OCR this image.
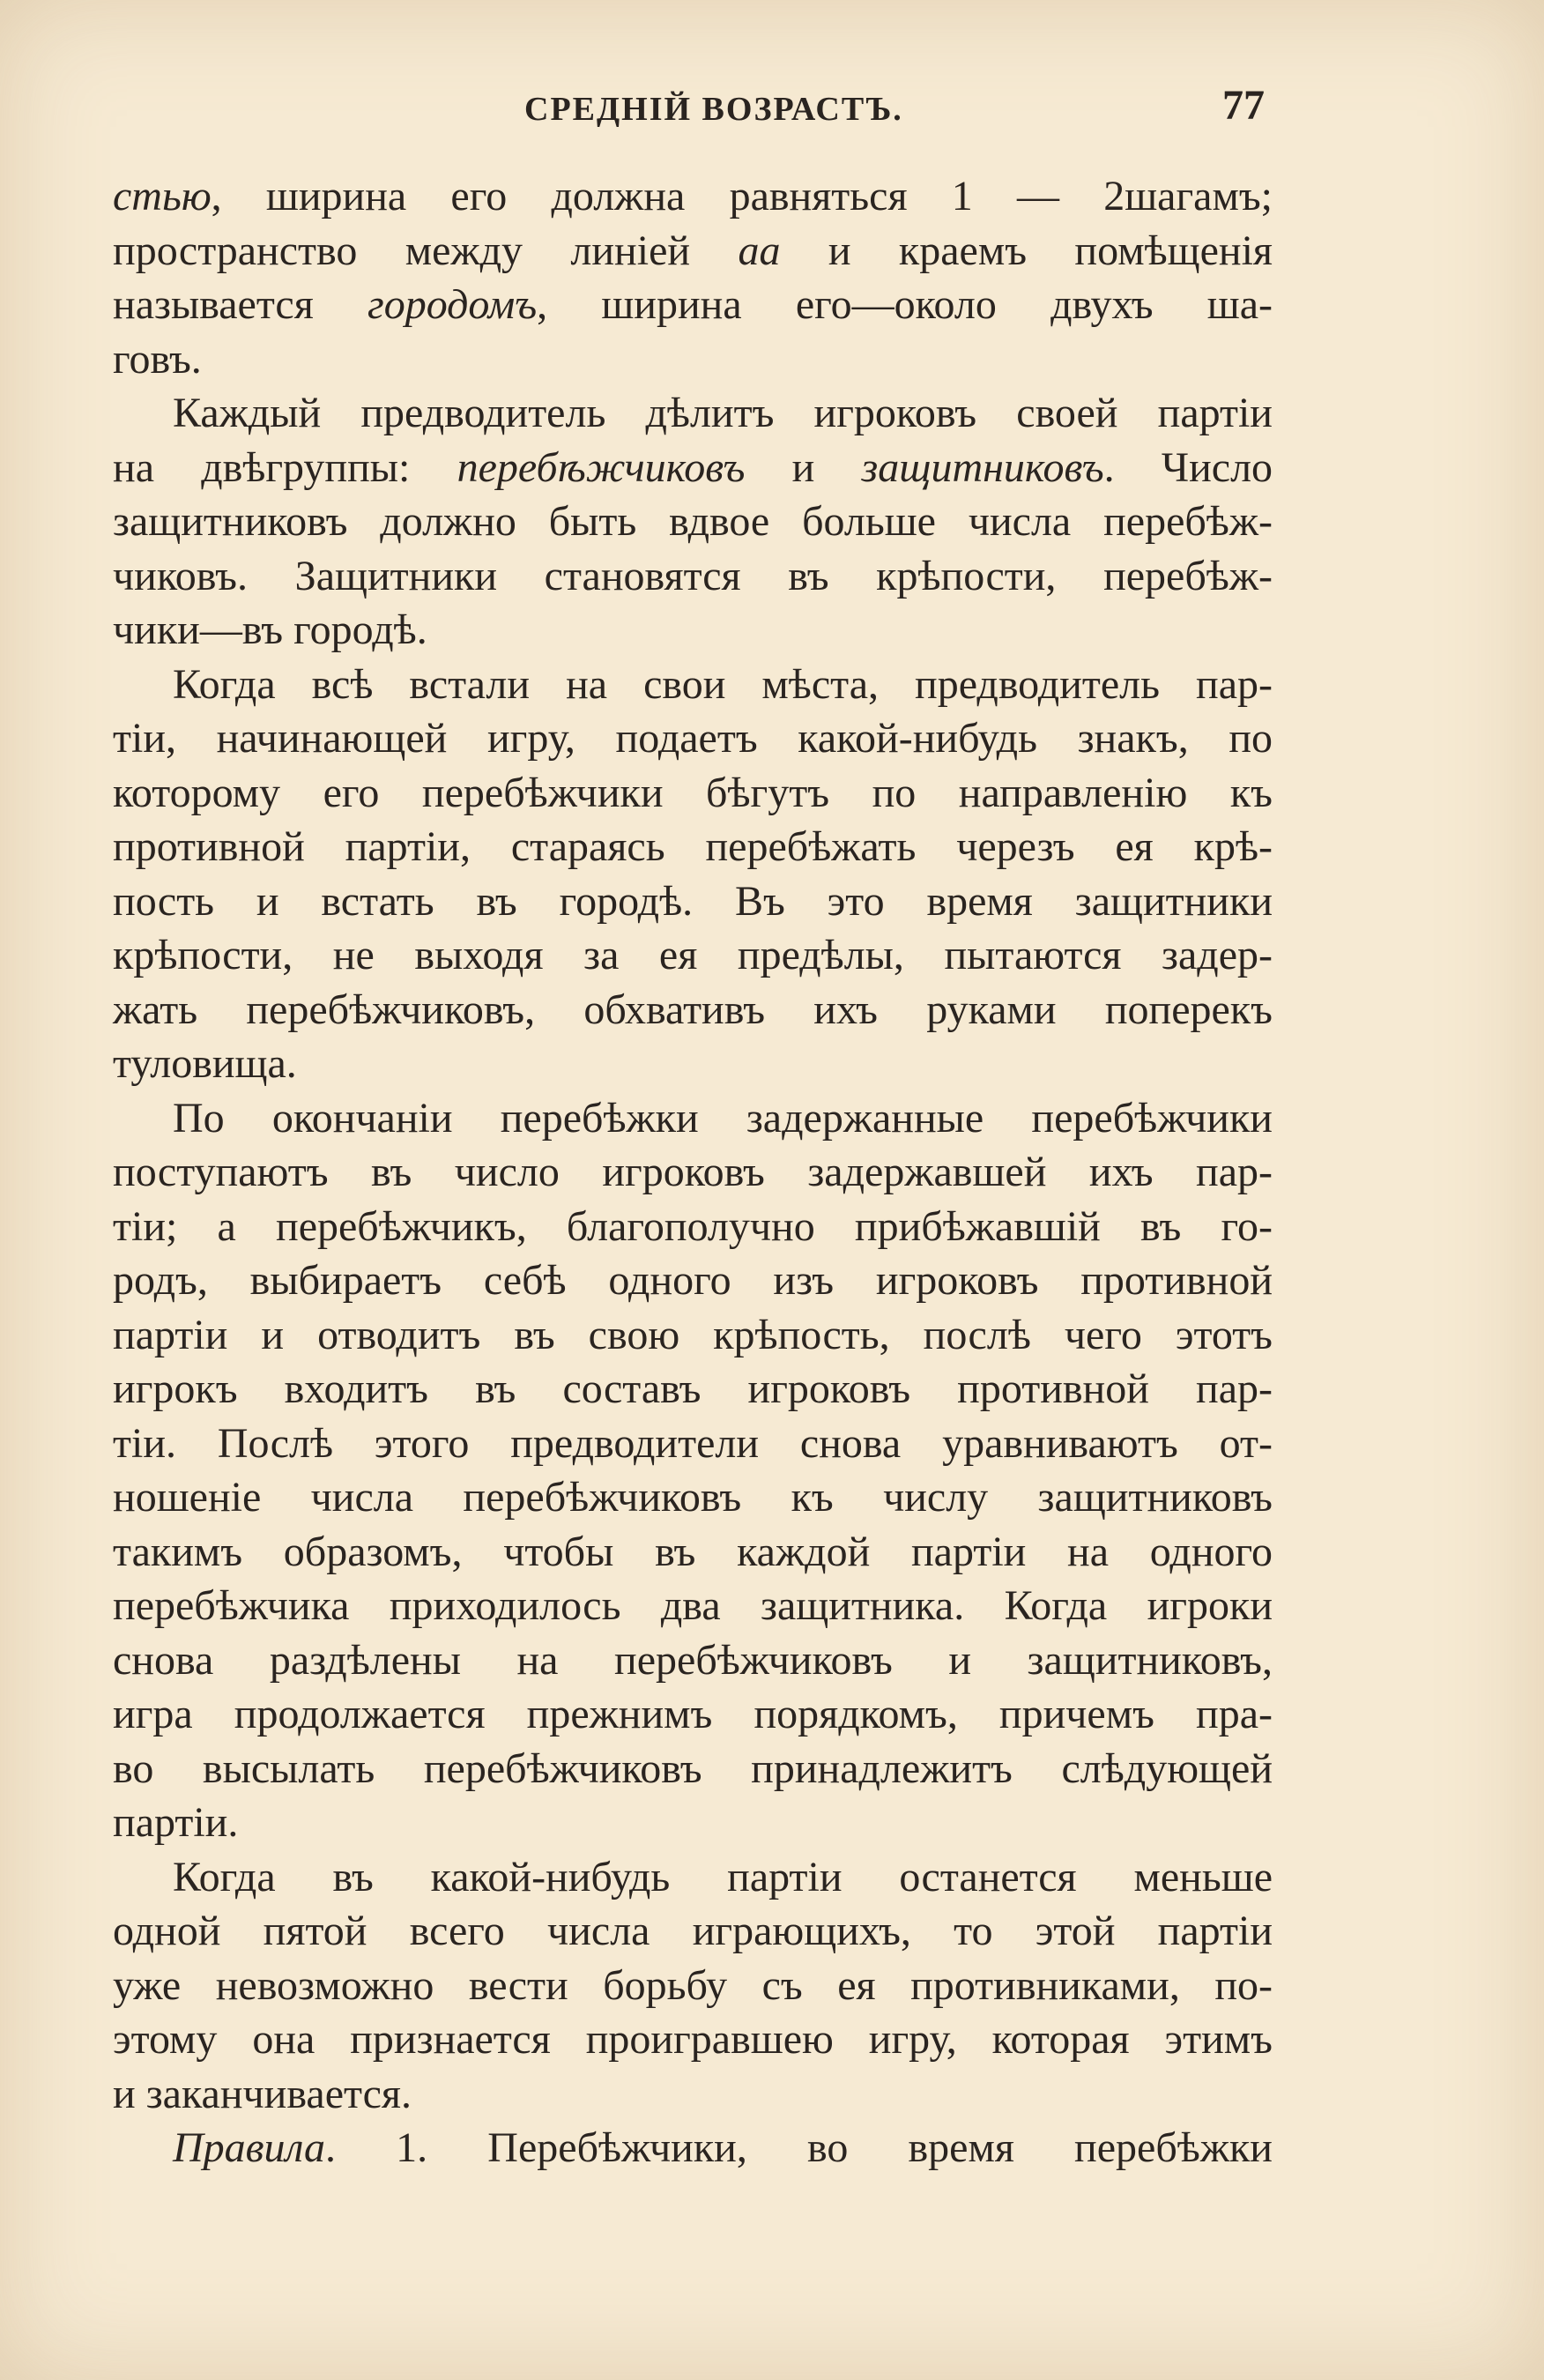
СРЕДНІЙ ВОЗРАСТЪ.	77

стью, ширина его должна равняться 1 — 2шагамъ;
пространство между линіей аа и краемъ помѣщенія
называется городомъ, ширина его—около двухъ ша-
говъ.

Каждый предводитель дѣлитъ игроковъ своей партіи
на двѣгруппы: перебѣжчиковъ и защитниковъ. Число
защитниковъ должно быть вдвое больше числа перебѣж-
чиковъ. Защитники становятся въ крѣпости, перебѣж-
чики—въ городѣ.

Когда всѣ встали на свои мѣста, предводитель пар-
тіи, начинающей игру, подаетъ какой-нибудь знакъ, по
которому его перебѣжчики бѣгутъ по направленію къ
противной партіи, стараясь перебѣжать черезъ ея крѣ-
пость и встать въ городѣ. Въ это время защитники
крѣпости, не выходя за ея предѣлы, пытаются задер-
жать перебѣжчиковъ, обхвативъ ихъ руками поперекъ
туловища.

По окончаніи перебѣжки задержанные перебѣжчики
поступаютъ въ число игроковъ задержавшей ихъ пар-
тіи; а перебѣжчикъ, благополучно прибѣжавшій въ го-
родъ, выбираетъ себѣ одного изъ игроковъ противной
партіи и отводитъ въ свою крѣпость, послѣ чего этотъ
игрокъ входитъ въ составъ игроковъ противной пар-
тіи. Послѣ этого предводители снова уравниваютъ от-
ношеніе числа перебѣжчиковъ къ числу защитниковъ
такимъ образомъ, чтобы въ каждой партіи на одного
перебѣжчика приходилось два защитника. Когда игроки
снова раздѣлены на перебѣжчиковъ и защитниковъ,
игра продолжается прежнимъ порядкомъ, причемъ пра-
во высылать перебѣжчиковъ принадлежитъ слѣдующей
партіи.

Когда въ какой-нибудь партіи останется меньше
одной пятой всего числа играющихъ, то этой партіи
уже невозможно вести борьбу съ ея противниками, по-
этому она признается проигравшею игру, которая этимъ
и заканчивается.

Правила. 1. Перебѣжчики, во время перебѣжки
